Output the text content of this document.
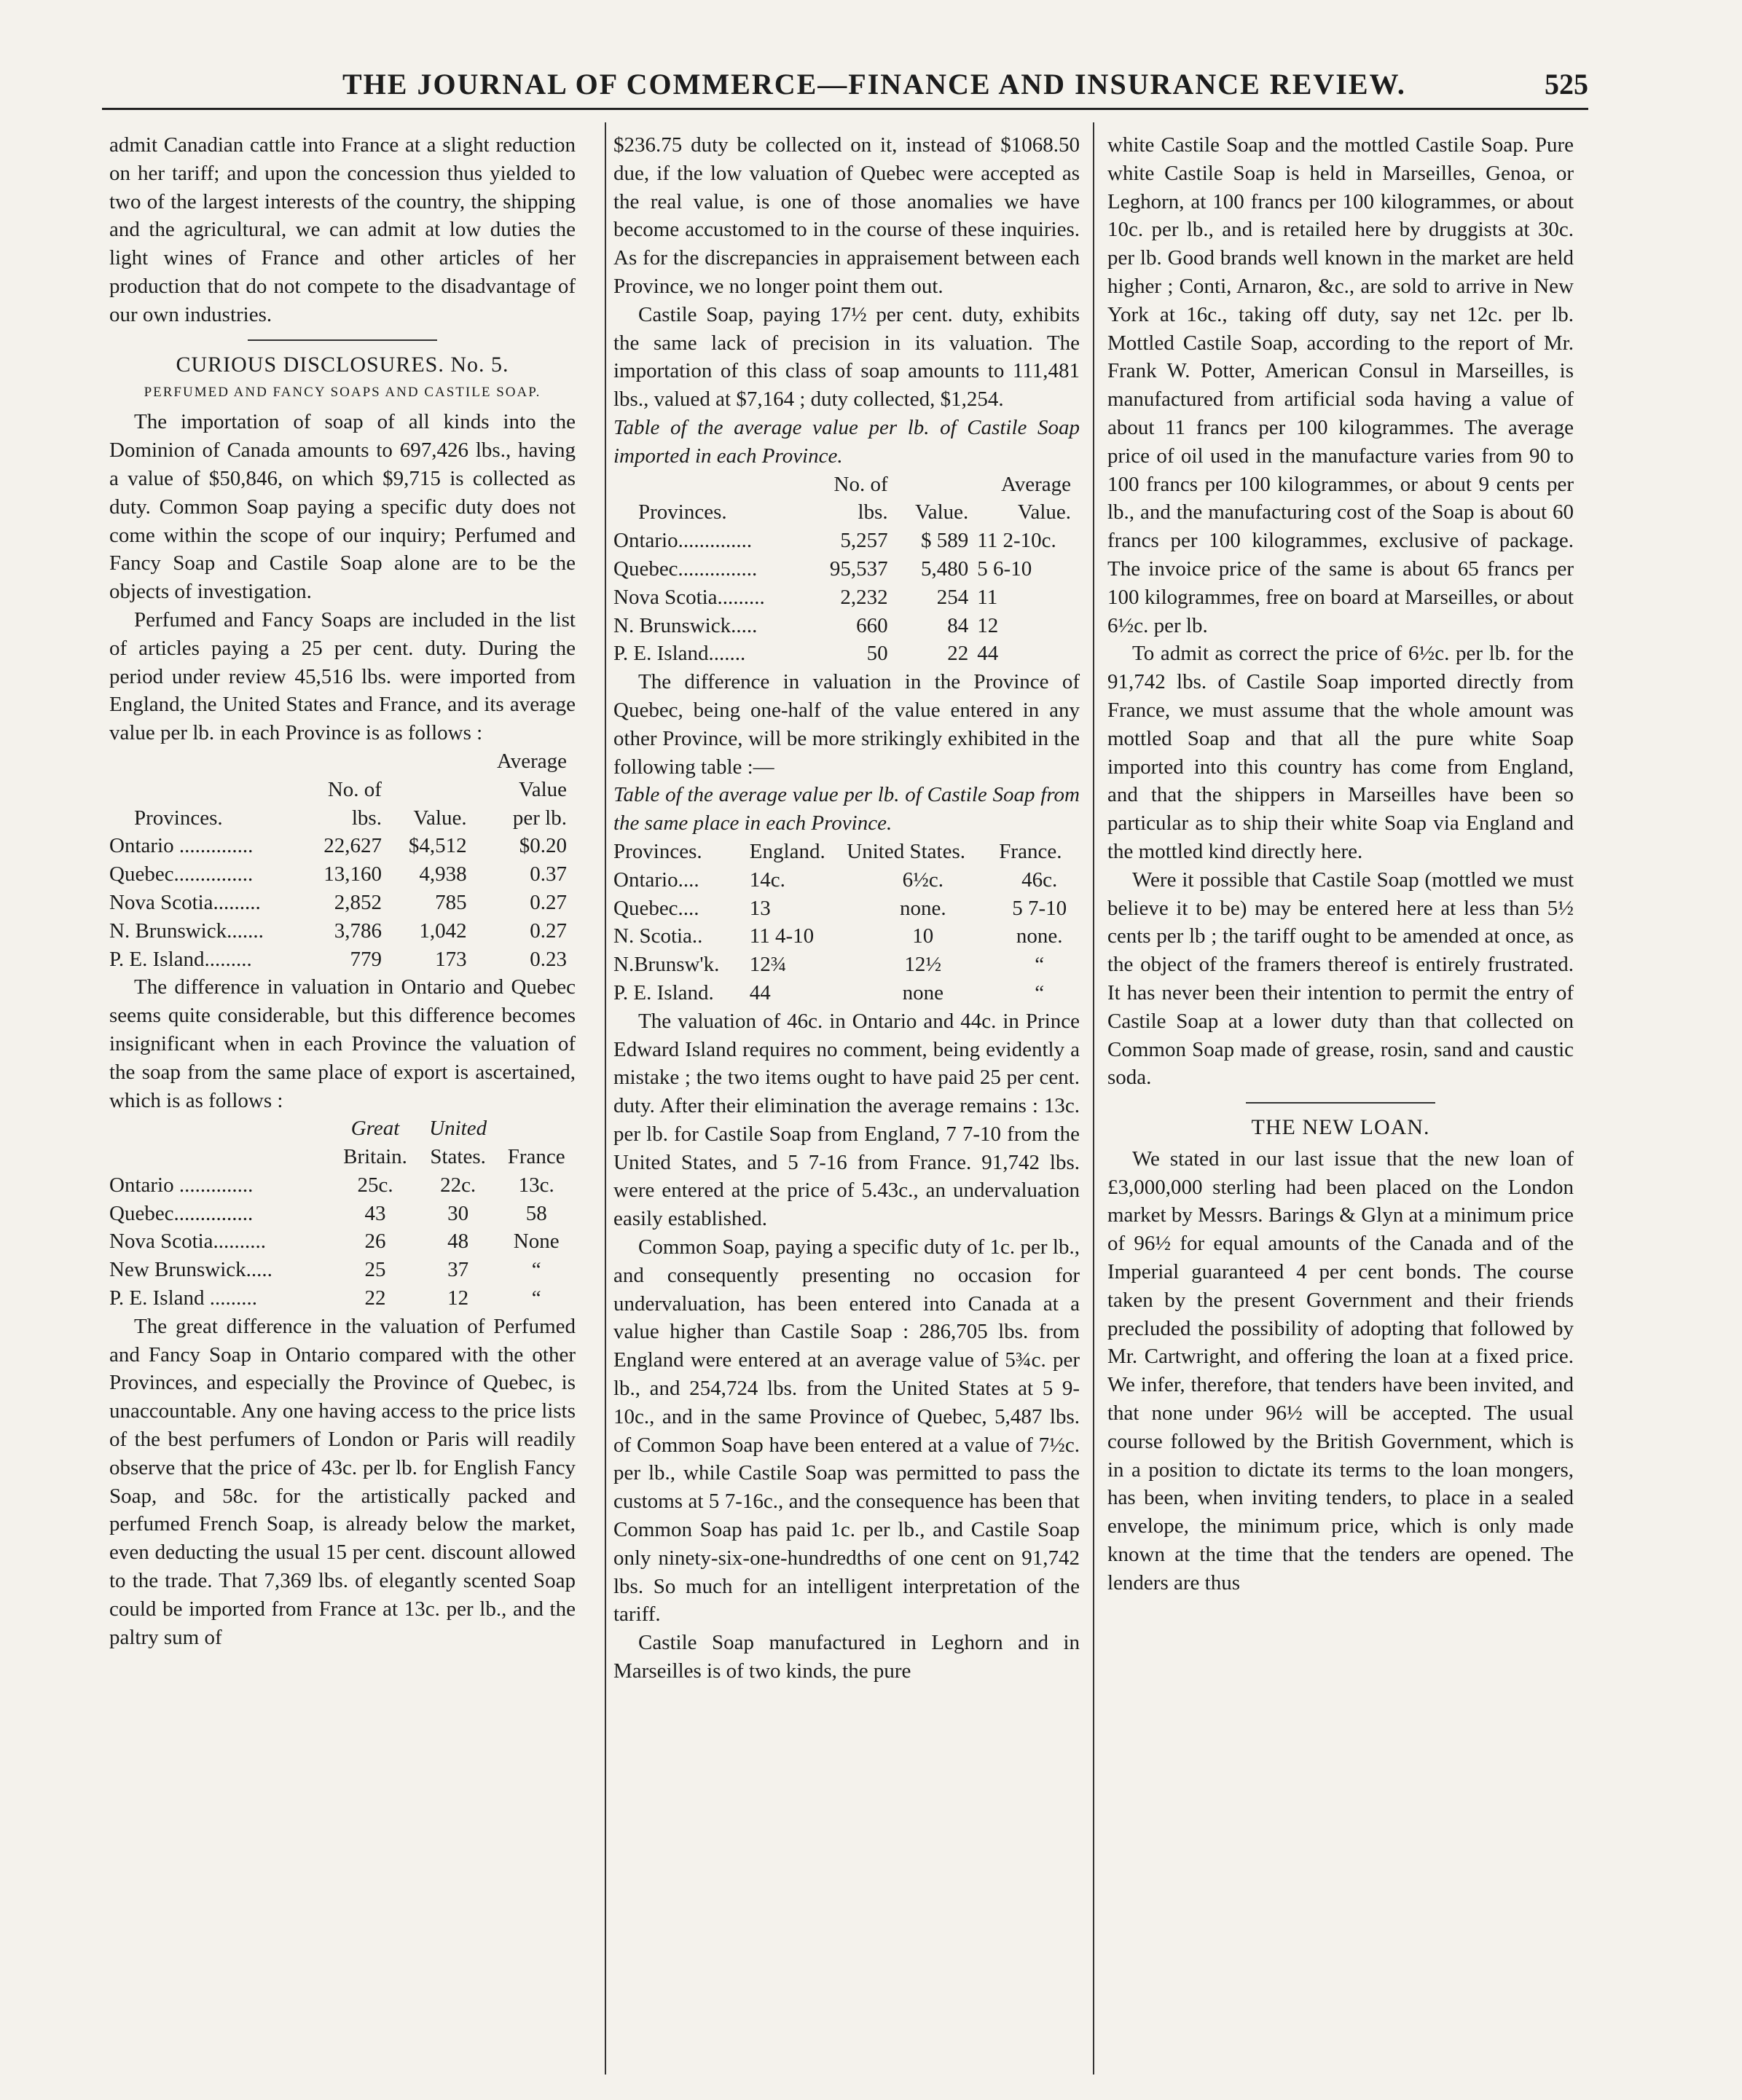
THE JOURNAL OF COMMERCE—FINANCE AND INSURANCE REVIEW.	525

admit Canadian cattle into France at a slight reduction on her tariff; and upon the concession thus yielded to two of the largest interests of the country, the shipping and the agricultural, we can admit at low duties the light wines of France and other articles of her production that do not compete to the disadvantage of our own industries.

CURIOUS DISCLOSURES. No. 5.
PERFUMED AND FANCY SOAPS AND CASTILE SOAP.

The importation of soap of all kinds into the Dominion of Canada amounts to 697,426 lbs., having a value of $50,846, on which $9,715 is collected as duty. Common Soap paying a specific duty does not come within the scope of our inquiry; Perfumed and Fancy Soap and Castile Soap alone are to be the objects of investigation.

Perfumed and Fancy Soaps are included in the list of articles paying a 25 per cent. duty. During the period under review 45,516 lbs. were imported from England, the United States and France, and its average value per lb. in each Province is as follows :

			Average
	No. of		Value
Provinces.	lbs.	Value.	per lb.
Ontario ..............	22,627	$4,512	$0.20
Quebec...............	13,160	4,938	0.37
Nova Scotia.........	2,852	785	0.27
N. Brunswick.......	3,786	1,042	0.27
P. E. Island.........	779	173	0.23

The difference in valuation in Ontario and Quebec seems quite considerable, but this difference becomes insignificant when in each Province the valuation of the soap from the same place of export is ascertained, which is as follows :

	Great	United	
	Britain.	States.	France
Ontario ..............	25c.	22c.	13c.
Quebec...............	43	30	58
Nova Scotia..........	26	48	None
New Brunswick.....	25	37	“
P. E. Island .........	22	12	“

The great difference in the valuation of Perfumed and Fancy Soap in Ontario compared with the other Provinces, and especially the Province of Quebec, is unaccountable. Any one having access to the price lists of the best perfumers of London or Paris will readily observe that the price of 43c. per lb. for English Fancy Soap, and 58c. for the artistically packed and perfumed French Soap, is already below the market, even deducting the usual 15 per cent. discount allowed to the trade. That 7,369 lbs. of elegantly scented Soap could be imported from France at 13c. per lb., and the paltry sum of

$236.75 duty be collected on it, instead of $1068.50 due, if the low valuation of Quebec were accepted as the real value, is one of those anomalies we have become accustomed to in the course of these inquiries. As for the discrepancies in appraisement between each Province, we no longer point them out.

Castile Soap, paying 17½ per cent. duty, exhibits the same lack of precision in its valuation. The importation of this class of soap amounts to 111,481 lbs., valued at $7,164 ; duty collected, $1,254.

Table of the average value per lb. of Castile Soap imported in each Province.

	No. of		Average
Provinces.	lbs.	Value.	Value.
Ontario..............	5,257	$ 589	11 2-10c.
Quebec...............	95,537	5,480	5 6-10
Nova Scotia.........	2,232	254	11
N. Brunswick.....	660	84	12
P. E. Island.......	50	22	44

The difference in valuation in the Province of Quebec, being one-half of the value entered in any other Province, will be more strikingly exhibited in the following table :—

Table of the average value per lb. of Castile Soap from the same place in each Province.

Provinces.	England.	United States.	France.
Ontario....	14c.	6½c.	46c.
Quebec....	13	none.	5 7-10
N. Scotia..	11 4-10	10	none.
N.Brunsw'k.	12¾	12½	“
P. E. Island.	44	none	“

The valuation of 46c. in Ontario and 44c. in Prince Edward Island requires no comment, being evidently a mistake ; the two items ought to have paid 25 per cent. duty. After their elimination the average remains : 13c. per lb. for Castile Soap from England, 7 7-10 from the United States, and 5 7-16 from France. 91,742 lbs. were entered at the price of 5.43c., an undervaluation easily established.

Common Soap, paying a specific duty of 1c. per lb., and consequently presenting no occasion for undervaluation, has been entered into Canada at a value higher than Castile Soap : 286,705 lbs. from England were entered at an average value of 5¾c. per lb., and 254,724 lbs. from the United States at 5 9-10c., and in the same Province of Quebec, 5,487 lbs. of Common Soap have been entered at a value of 7½c. per lb., while Castile Soap was permitted to pass the customs at 5 7-16c., and the consequence has been that Common Soap has paid 1c. per lb., and Castile Soap only ninety-six-one-hundredths of one cent on 91,742 lbs. So much for an intelligent interpretation of the tariff.

Castile Soap manufactured in Leghorn and in Marseilles is of two kinds, the pure

white Castile Soap and the mottled Castile Soap. Pure white Castile Soap is held in Marseilles, Genoa, or Leghorn, at 100 francs per 100 kilogrammes, or about 10c. per lb., and is retailed here by druggists at 30c. per lb. Good brands well known in the market are held higher ; Conti, Arnaron, &c., are sold to arrive in New York at 16c., taking off duty, say net 12c. per lb. Mottled Castile Soap, according to the report of Mr. Frank W. Potter, American Consul in Marseilles, is manufactured from artificial soda having a value of about 11 francs per 100 kilogrammes. The average price of oil used in the manufacture varies from 90 to 100 francs per 100 kilogrammes, or about 9 cents per lb., and the manufacturing cost of the Soap is about 60 francs per 100 kilogrammes, exclusive of package. The invoice price of the same is about 65 francs per 100 kilogrammes, free on board at Marseilles, or about 6½c. per lb.

To admit as correct the price of 6½c. per lb. for the 91,742 lbs. of Castile Soap imported directly from France, we must assume that the whole amount was mottled Soap and that all the pure white Soap imported into this country has come from England, and that the shippers in Marseilles have been so particular as to ship their white Soap via England and the mottled kind directly here.

Were it possible that Castile Soap (mottled we must believe it to be) may be entered here at less than 5½ cents per lb ; the tariff ought to be amended at once, as the object of the framers thereof is entirely frustrated. It has never been their intention to permit the entry of Castile Soap at a lower duty than that collected on Common Soap made of grease, rosin, sand and caustic soda.

THE NEW LOAN.

We stated in our last issue that the new loan of £3,000,000 sterling had been placed on the London market by Messrs. Barings & Glyn at a minimum price of 96½ for equal amounts of the Canada and of the Imperial guaranteed 4 per cent bonds. The course taken by the present Government and their friends precluded the possibility of adopting that followed by Mr. Cartwright, and offering the loan at a fixed price. We infer, therefore, that tenders have been invited, and that none under 96½ will be accepted. The usual course followed by the British Government, which is in a position to dictate its terms to the loan mongers, has been, when inviting tenders, to place in a sealed envelope, the minimum price, which is only made known at the time that the tenders are opened. The lenders are thus
